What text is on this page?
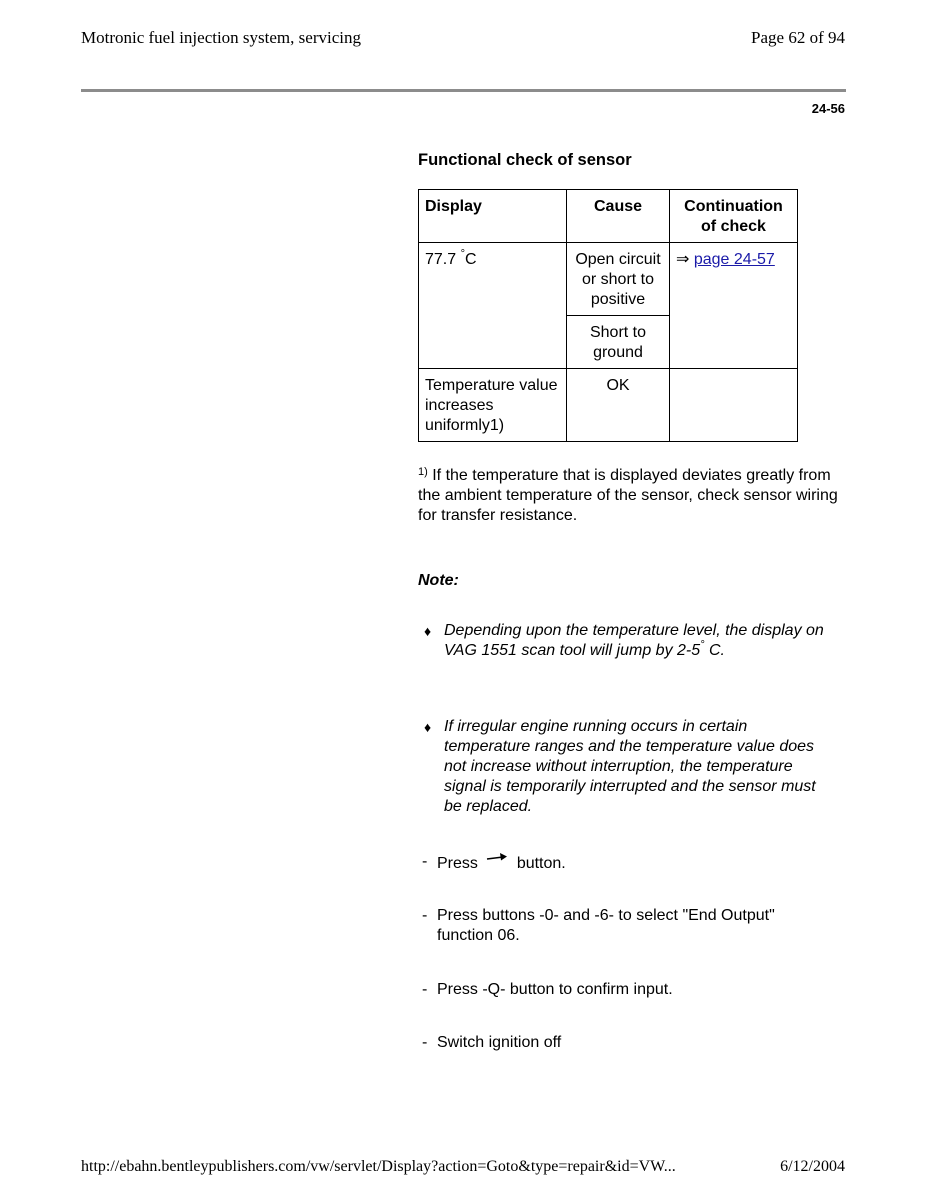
Motronic fuel injection system, servicing	Page 62 of 94
24-56
Functional check of sensor
Display	Cause	Continuation of check

77.7 °C	Open circuit or short to positive	⇒ page 24-57

	Short to ground	

Temperature value increases uniformly1)	OK	

$^{1)}$ If the temperature that is displayed deviates greatly from the ambient temperature of the sensor, check sensor wiring for transfer resistance.
Note:
♦ Depending upon the temperature level, the display on VAG 1551 scan tool will jump by 2-5° C.
♦ If irregular engine running occurs in certain temperature ranges and the temperature value does not increase without interruption, the temperature signal is temporarily interrupted and the sensor must be replaced.
- Press button.
- Press buttons -0- and -6- to select "End Output" function 06.
- Press -Q- button to confirm input.
- Switch ignition off
http://ebahn.bentleypublishers.com/vw/servlet/Display?action=Goto&type=repair&id=VW...	6/12/2004
